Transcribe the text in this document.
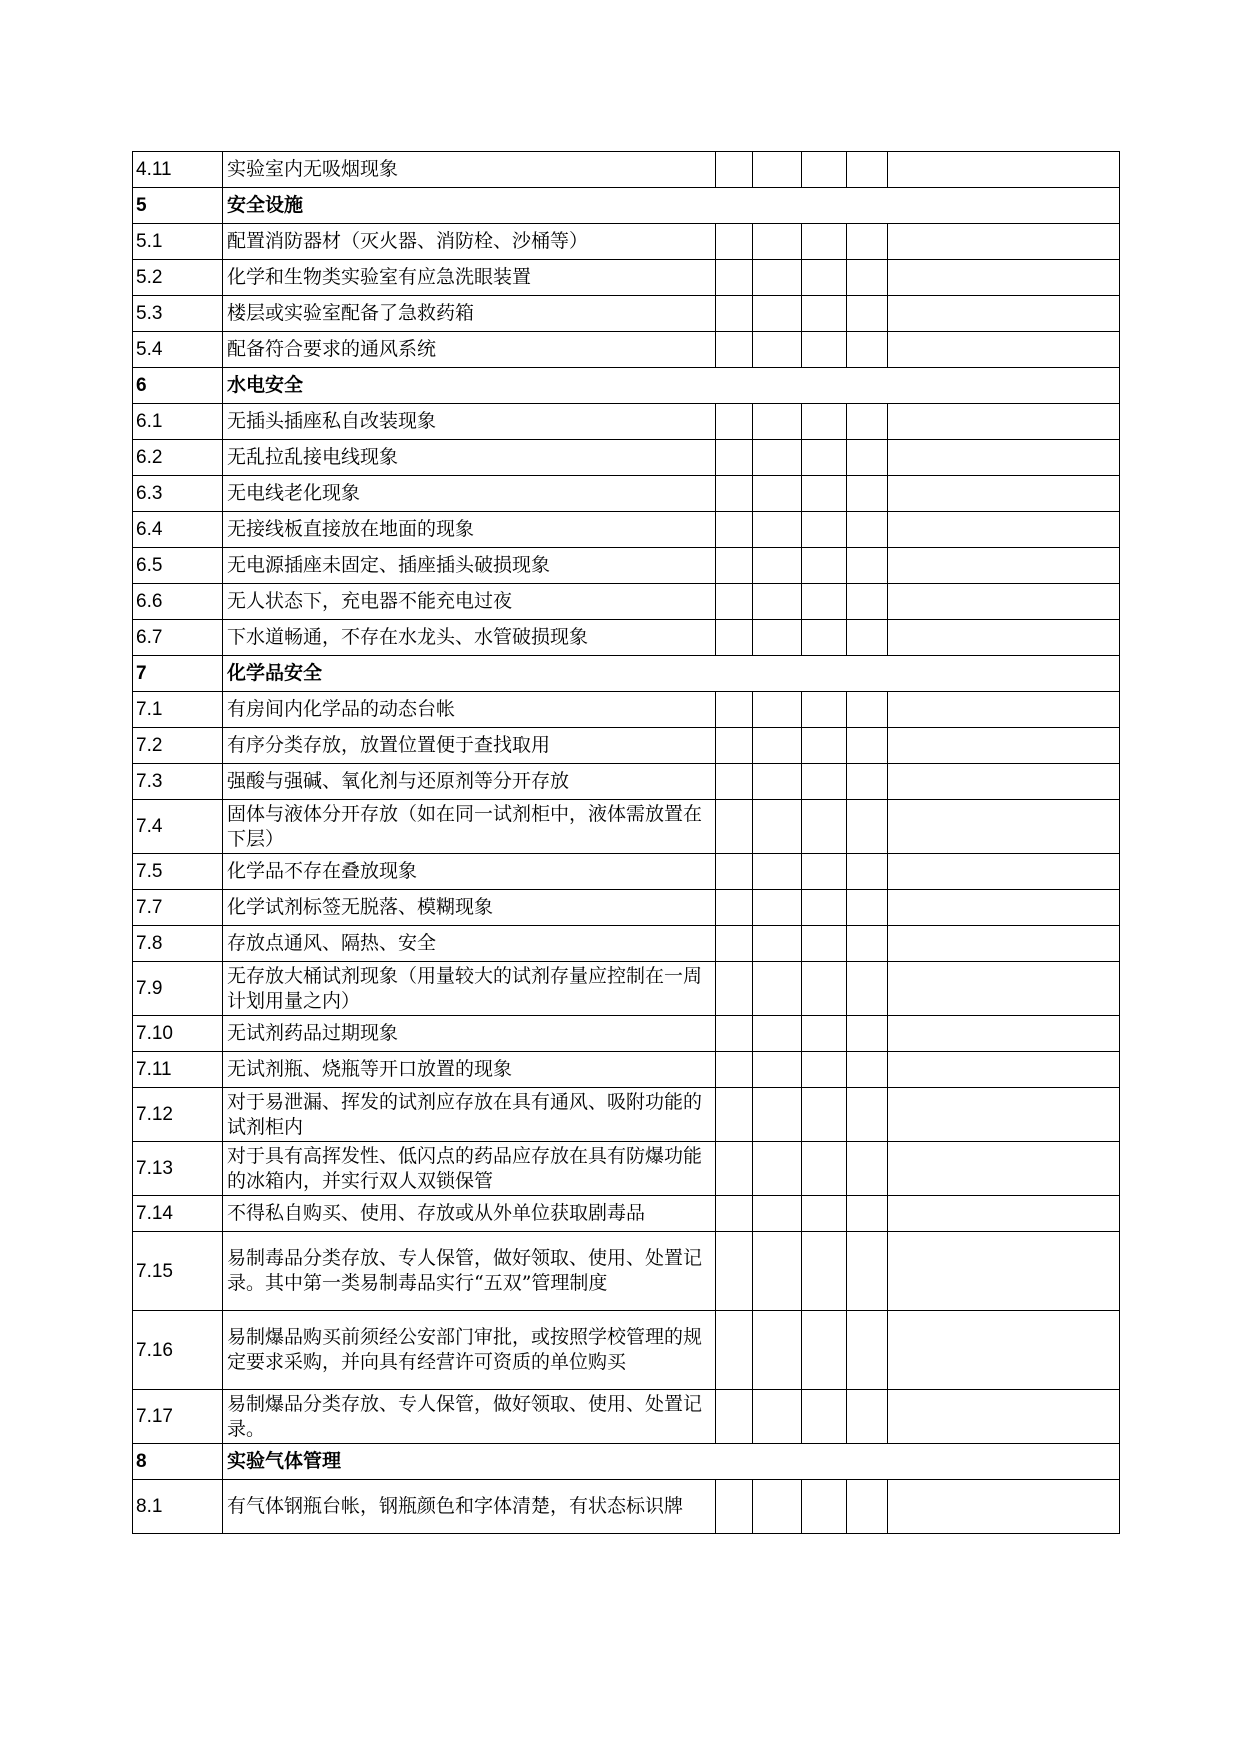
4.11	实验室内无吸烟现象					
5	安全设施					
5.1	配置消防器材（灭火器、消防栓、沙桶等）					
5.2	化学和生物类实验室有应急洗眼装置					
5.3	楼层或实验室配备了急救药箱					
5.4	配备符合要求的通风系统					
6	水电安全					
6.1	无插头插座私自改装现象					
6.2	无乱拉乱接电线现象					
6.3	无电线老化现象					
6.4	无接线板直接放在地面的现象					
6.5	无电源插座未固定、插座插头破损现象					
6.6	无人状态下，充电器不能充电过夜					
6.7	下水道畅通，不存在水龙头、水管破损现象					
7	化学品安全					
7.1	有房间内化学品的动态台帐					
7.2	有序分类存放，放置位置便于查找取用					
7.3	强酸与强碱、氧化剂与还原剂等分开存放					
7.4	固体与液体分开存放（如在同一试剂柜中，液体需放置在下层）					
7.5	化学品不存在叠放现象					
7.7	化学试剂标签无脱落、模糊现象					
7.8	存放点通风、隔热、安全					
7.9	无存放大桶试剂现象（用量较大的试剂存量应控制在一周计划用量之内）					
7.10	无试剂药品过期现象					
7.11	无试剂瓶、烧瓶等开口放置的现象					
7.12	对于易泄漏、挥发的试剂应存放在具有通风、吸附功能的试剂柜内					
7.13	对于具有高挥发性、低闪点的药品应存放在具有防爆功能的冰箱内，并实行双人双锁保管					
7.14	不得私自购买、使用、存放或从外单位获取剧毒品					
7.15	易制毒品分类存放、专人保管，做好领取、使用、处置记录。其中第一类易制毒品实行“五双”管理制度					
7.16	易制爆品购买前须经公安部门审批，或按照学校管理的规定要求采购，并向具有经营许可资质的单位购买					
7.17	易制爆品分类存放、专人保管，做好领取、使用、处置记录。					
8	实验气体管理					
8.1	有气体钢瓶台帐，钢瓶颜色和字体清楚，有状态标识牌					
